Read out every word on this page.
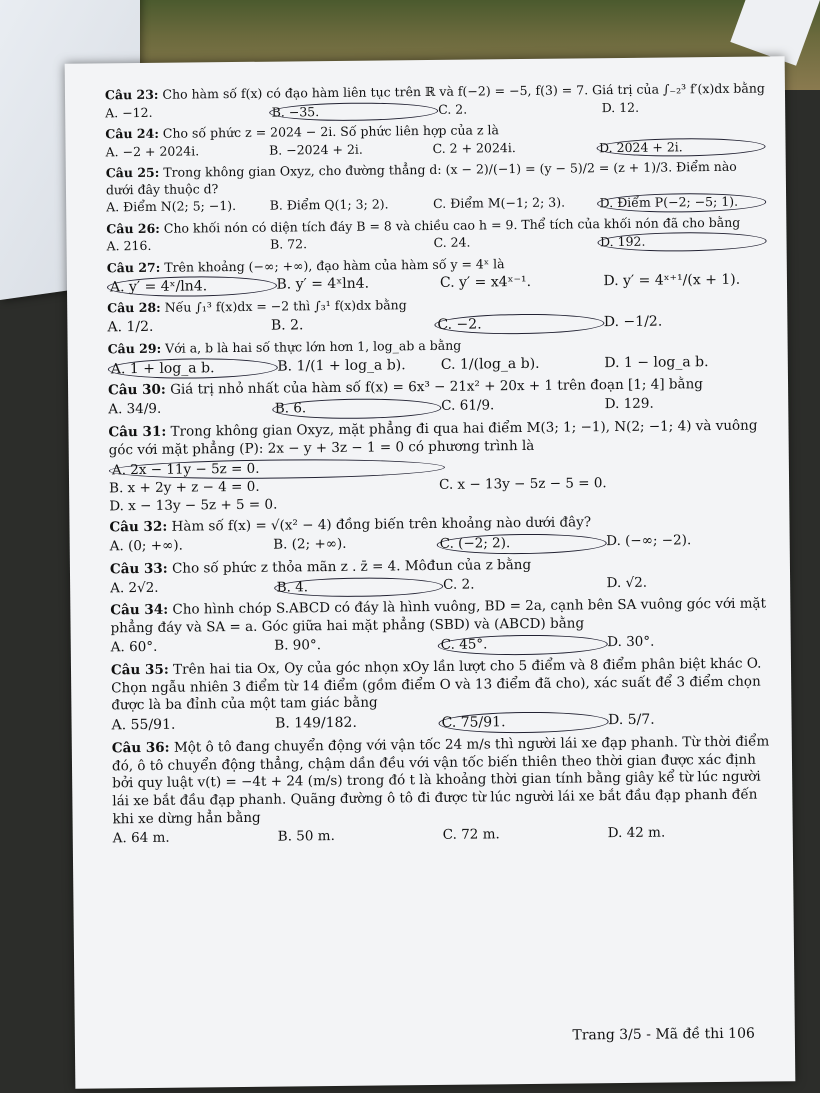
Câu 23: Cho hàm số f(x) có đạo hàm liên tục trên ℝ và f(−2) = −5, f(3) = 7. Giá trị của ∫₋₂³ f′(x)dx bằng
A. −12.	B. −35.	C. 2.	D. 12.
Câu 24: Cho số phức z = 2024 − 2i. Số phức liên hợp của z là
A. −2 + 2024i.	B. −2024 + 2i.	C. 2 + 2024i.	D. 2024 + 2i.
Câu 25: Trong không gian Oxyz, cho đường thẳng d: (x − 2)/(−1) = (y − 5)/2 = (z + 1)/3. Điểm nào dưới đây thuộc d?
A. Điểm N(2; 5; −1).	B. Điểm Q(1; 3; 2).	C. Điểm M(−1; 2; 3).	D. Điểm P(−2; −5; 1).
Câu 26: Cho khối nón có diện tích đáy B = 8 và chiều cao h = 9. Thể tích của khối nón đã cho bằng
A. 216.	B. 72.	C. 24.	D. 192.
Câu 27: Trên khoảng (−∞; +∞), đạo hàm của hàm số y = 4ˣ là
A. y′ = 4ˣ/ln4.	B. y′ = 4ˣln4.	C. y′ = x4ˣ⁻¹.	D. y′ = 4ˣ⁺¹/(x + 1).
Câu 28: Nếu ∫₁³ f(x)dx = −2 thì ∫₃¹ f(x)dx bằng
A. 1/2.	B. 2.	C. −2.	D. −1/2.
Câu 29: Với a, b là hai số thực lớn hơn 1, log_ab a bằng
A. 1 + log_a b.	B. 1/(1 + log_a b).	C. 1/(log_a b).	D. 1 − log_a b.
Câu 30: Giá trị nhỏ nhất của hàm số f(x) = 6x³ − 21x² + 20x + 1 trên đoạn [1; 4] bằng
A. 34/9.	B. 6.	C. 61/9.	D. 129.
Câu 31: Trong không gian Oxyz, mặt phẳng đi qua hai điểm M(3; 1; −1), N(2; −1; 4) và vuông góc với mặt phẳng (P): 2x − y + 3z − 1 = 0 có phương trình là
A. 2x − 11y − 5z = 0.
B. x + 2y + z − 4 = 0.	C. x − 13y − 5z − 5 = 0.
D. x − 13y − 5z + 5 = 0.
Câu 32: Hàm số f(x) = √(x² − 4) đồng biến trên khoảng nào dưới đây?
A. (0; +∞).	B. (2; +∞).	C. (−2; 2).	D. (−∞; −2).
Câu 33: Cho số phức z thỏa mãn z . z̄ = 4. Môđun của z bằng
A. 2√2.	B. 4.	C. 2.	D. √2.
Câu 34: Cho hình chóp S.ABCD có đáy là hình vuông, BD = 2a, cạnh bên SA vuông góc với mặt phẳng đáy và SA = a. Góc giữa hai mặt phẳng (SBD) và (ABCD) bằng
A. 60°.	B. 90°.	C. 45°.	D. 30°.
Câu 35: Trên hai tia Ox, Oy của góc nhọn xOy lần lượt cho 5 điểm và 8 điểm phân biệt khác O. Chọn ngẫu nhiên 3 điểm từ 14 điểm (gồm điểm O và 13 điểm đã cho), xác suất để 3 điểm chọn được là ba đỉnh của một tam giác bằng
A. 55/91.	B. 149/182.	C. 75/91.	D. 5/7.
Câu 36: Một ô tô đang chuyển động với vận tốc 24 m/s thì người lái xe đạp phanh. Từ thời điểm đó, ô tô chuyển động thẳng, chậm dần đều với vận tốc biến thiên theo thời gian được xác định bởi quy luật v(t) = −4t + 24 (m/s) trong đó t là khoảng thời gian tính bằng giây kể từ lúc người lái xe bắt đầu đạp phanh. Quãng đường ô tô đi được từ lúc người lái xe bắt đầu đạp phanh đến khi xe dừng hẳn bằng
A. 64 m.	B. 50 m.	C. 72 m.	D. 42 m.
Trang 3/5 - Mã đề thi 106
